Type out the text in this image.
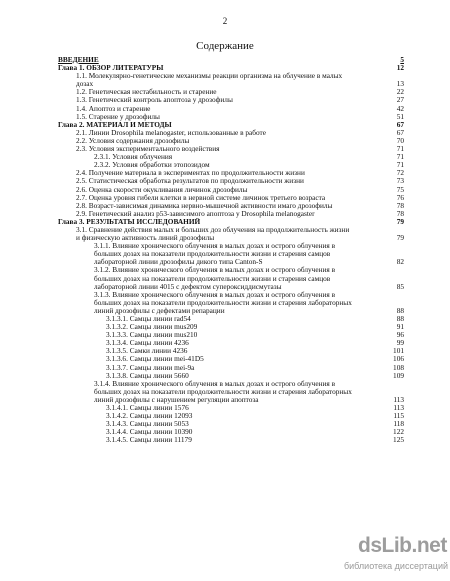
2
Содержание
ВВЕДЕНИЕ	5
Глава 1. ОБЗОР ЛИТЕРАТУРЫ	12
1.1. Молекулярно-генетические механизмы реакции организма на облучение в малых
дозах	13
1.2. Генетическая нестабильность и старение	22
1.3. Генетический контроль апоптоза у дрозофилы	27
1.4. Апоптоз и старение	42
1.5. Старение у дрозофилы	51
Глава 2. МАТЕРИАЛ И МЕТОДЫ	67
2.1. Линии Drosophila melanogaster, использованные в работе	67
2.2. Условия содержания дрозофилы	70
2.3. Условия экспериментального воздействия	71
2.3.1. Условия облучения	71
2.3.2. Условия обработки этопозидом	71
2.4. Получение материала в экспериментах по продолжительности жизни	72
2.5. Статистическая обработка результатов по продолжительности жизни	73
2.6. Оценка скорости окукливания личинок дрозофилы	75
2.7. Оценка уровня гибели клетки в нервной системе личинок третьего возраста	76
2.8. Возраст-зависимая динамика нервно-мышечной активности имаго дрозофилы	78
2.9. Генетический анализ р53-зависимого апоптоза у Drosophila melanogaster	78
Глава 3. РЕЗУЛЬТАТЫ ИССЛЕДОВАНИЙ	79
3.1. Сравнение действия малых и больших доз облучения на продолжительность жизни
и физическую активность линий дрозофилы	79
3.1.1. Влияние хронического облучения в малых дозах и острого облучения в
больших дозах на показатели продолжительности жизни и старения самцов
лабораторной линии дрозофилы дикого типа Canton-S	82
3.1.2. Влияние хронического облучения в малых дозах и острого облучения в
больших дозах на показатели продолжительности жизни и старения самцов
лабораторной линии 4015 с дефектом супероксиддисмутазы	85
3.1.3. Влияние хронического облучения в малых дозах и острого облучения в
больших дозах на показатели продолжительности жизни и старения лабораторных
линий дрозофилы с дефектами репарации	88
3.1.3.1. Самцы линии rad54	88
3.1.3.2. Самцы линии mus209	91
3.1.3.3. Самцы линии mus210	96
3.1.3.4. Самцы линии 4236	99
3.1.3.5. Самки линии 4236	101
3.1.3.6. Самцы линии mei-41D5	106
3.1.3.7. Самцы линии mei-9a	108
3.1.3.8. Самцы линии 5660	109
3.1.4. Влияние хронического облучения в малых дозах и острого облучения в
больших дозах на показатели продолжительности жизни и старения лабораторных
линий дрозофилы с нарушением регуляции апоптоза	113
3.1.4.1. Самцы линии 1576	113
3.1.4.2. Самцы линии 12093	115
3.1.4.3. Самцы линии 5053	118
3.1.4.4. Самцы линии 10390	122
3.1.4.5. Самцы линии 11179	125
dsLib.net
библиотека диссертаций
